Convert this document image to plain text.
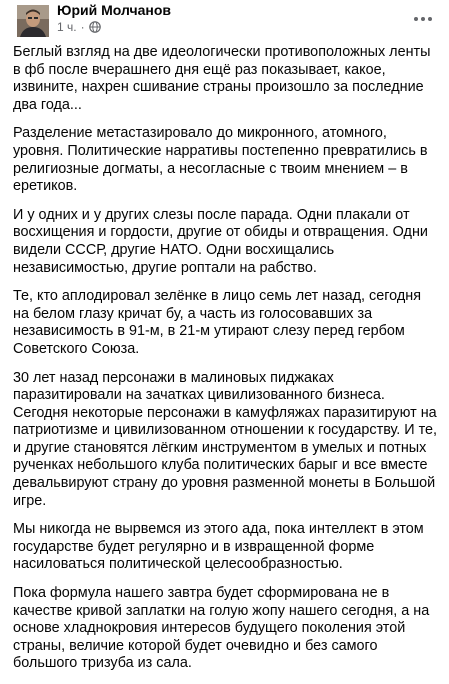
Юрий Молчанов
1 ч. ·

Беглый взгляд на две идеологически противоположных ленты в фб после вчерашнего дня ещё раз показывает, какое, извините, нахрен сшивание страны произошло за последние два года...

Разделение метастазировало до микронного, атомного, уровня. Политические нарративы постепенно превратились в религиозные догматы, а несогласные с твоим мнением – в еретиков.

И у одних и у других слезы после парада. Одни плакали от восхищения и гордости, другие от обиды и отвращения. Одни видели СССР, другие НАТО. Одни восхищались независимостью, другие роптали на рабство.

Те, кто аплодировал зелёнке в лицо семь лет назад, сегодня на белом глазу кричат бу, а часть из голосовавших за независимость в 91-м, в 21-м утирают слезу перед гербом Советского Союза.

30 лет назад персонажи в малиновых пиджаках паразитировали на зачатках цивилизованного бизнеса. Сегодня некоторые персонажи в камуфляжах паразитируют на патриотизме и цивилизованном отношении к государству. И те, и другие становятся лёгким инструментом в умелых и потных рученках небольшого клуба политических барыг и все вместе девальвируют страну до уровня разменной монеты в Большой игре.

Мы никогда не вырвемся из этого ада, пока интеллект в этом государстве будет регулярно и в извращенной форме насиловаться политической целесообразностью.

Пока формула нашего завтра будет сформирована не в качестве кривой заплатки на голую жопу нашего сегодня, а на основе хладнокровия интересов будущего поколения этой страны, величие которой будет очевидно и без самого большого тризуба из сала.
